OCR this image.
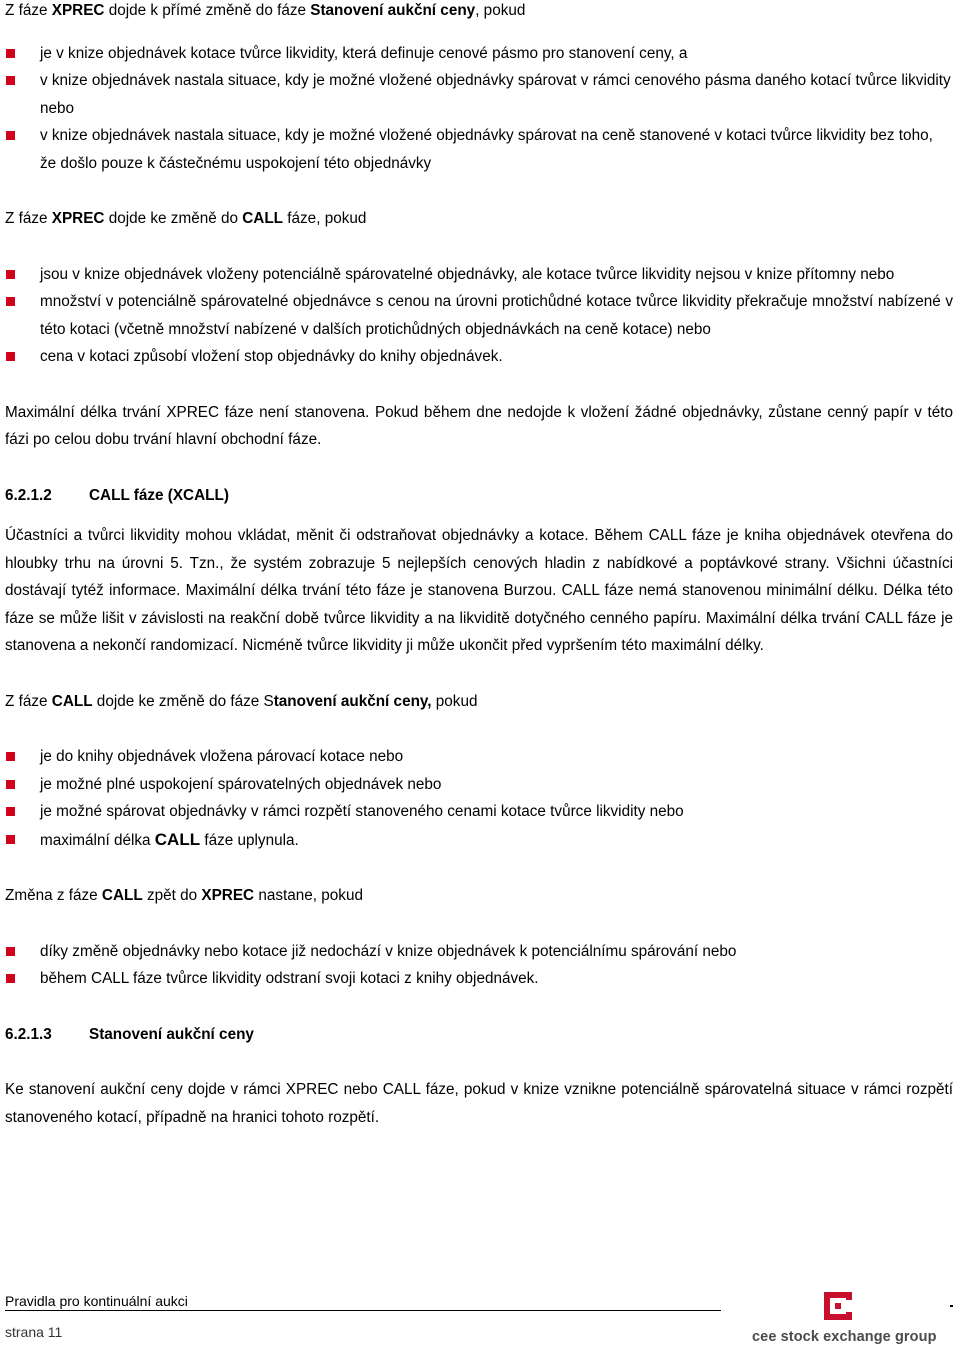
Z fáze XPREC dojde k přímé změně do fáze Stanovení aukční ceny, pokud

je v knize objednávek kotace tvůrce likvidity, která definuje cenové pásmo pro stanovení ceny, a
v knize objednávek nastala situace, kdy je možné vložené objednávky spárovat v rámci cenového pásma daného kotací tvůrce likvidity nebo
v knize objednávek nastala situace, kdy je možné vložené objednávky spárovat na ceně stanovené v kotaci tvůrce likvidity bez toho, že došlo pouze k částečnému uspokojení této objednávky

Z fáze XPREC dojde ke změně do CALL fáze, pokud

jsou v knize objednávek vloženy potenciálně spárovatelné objednávky, ale kotace tvůrce likvidity nejsou v knize přítomny nebo
množství v potenciálně spárovatelné objednávce s cenou na úrovni protichůdné kotace tvůrce likvidity překračuje množství nabízené v této kotaci (včetně množství nabízené v dalších protichůdných objednávkách na ceně kotace) nebo
cena v kotaci způsobí vložení stop objednávky do knihy objednávek.

Maximální délka trvání XPREC fáze není stanovena. Pokud během dne nedojde k vložení žádné objednávky, zůstane cenný papír v této fázi po celou dobu trvání hlavní obchodní fáze.

6.2.1.2 CALL fáze (XCALL)

Účastníci a tvůrci likvidity mohou vkládat, měnit či odstraňovat objednávky a kotace. Během CALL fáze je kniha objednávek otevřena do hloubky trhu na úrovni 5. Tzn., že systém zobrazuje 5 nejlepších cenových hladin z nabídkové a poptávkové strany. Všichni účastníci dostávají tytéž informace. Maximální délka trvání této fáze je stanovena Burzou. CALL fáze nemá stanovenou minimální délku. Délka této fáze se může lišit v závislosti na reakční době tvůrce likvidity a na likviditě dotyčného cenného papíru. Maximální délka trvání CALL fáze je stanovena a nekončí randomizací. Nicméně tvůrce likvidity ji může ukončit před vypršením této maximální délky.

Z fáze CALL dojde ke změně do fáze Stanovení aukční ceny, pokud

je do knihy objednávek vložena párovací kotace nebo
je možné plné uspokojení spárovatelných objednávek nebo
je možné spárovat objednávky v rámci rozpětí stanoveného cenami kotace tvůrce likvidity nebo
maximální délka CALL fáze uplynula.

Změna z fáze CALL zpět do XPREC nastane, pokud

díky změně objednávky nebo kotace již nedochází v knize objednávek k potenciálnímu spárování nebo
během CALL fáze tvůrce likvidity odstraní svoji kotaci z knihy objednávek.

6.2.1.3 Stanovení aukční ceny

Ke stanovení aukční ceny dojde v rámci XPREC nebo CALL fáze, pokud v knize vznikne potenciálně spárovatelná situace v rámci rozpětí stanoveného kotací, případně na hranici tohoto rozpětí.

Pravidla pro kontinuální aukci
strana 11	cee stock exchange group
